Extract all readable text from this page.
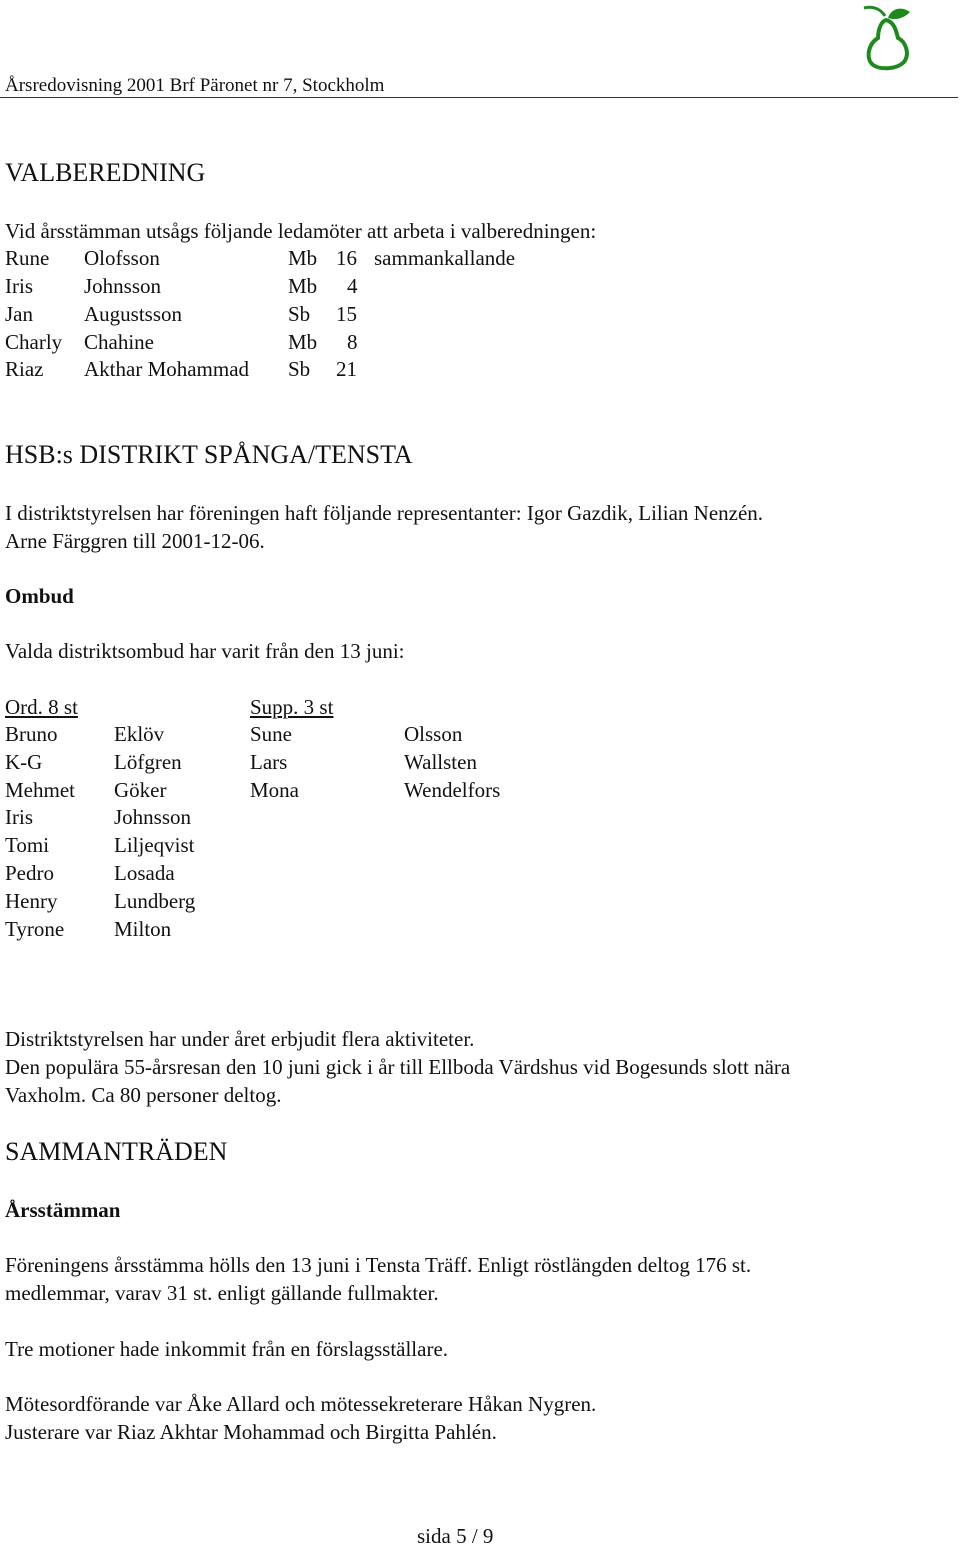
Årsredovisning 2001 Brf Päronet nr 7, Stockholm
VALBEREDNING
Vid årsstämman utsågs följande ledamöter att arbeta i valberedningen:
Rune Olofsson	Mb 16 sammankallande
Iris Johnsson	Mb 4
Jan Augustsson	Sb 15
Charly Chahine	Mb 8
Riaz Akthar Mohammad Sb 21
HSB:s DISTRIKT SPÅNGA/TENSTA
I distriktstyrelsen har föreningen haft följande representanter: Igor Gazdik, Lilian Nenzén.
Arne Färggren till 2001-12-06.
Ombud
Valda distriktsombud har varit från den 13 juni:
Ord. 8 st	Supp. 3 st
Bruno	Eklöv	Sune	Olsson
K-G	Löfgren	Lars	Wallsten
Mehmet Göker	Mona	Wendelfors
Iris	Johnsson
Tomi	Liljeqvist
Pedro	Losada
Henry	Lundberg
Tyrone Milton
Distriktstyrelsen har under året erbjudit flera aktiviteter.
Den populära 55-årsresan den 10 juni gick i år till Ellboda Värdshus vid Bogesunds slott nära
Vaxholm. Ca 80 personer deltog.
SAMMANTRÄDEN
Årsstämman
Föreningens årsstämma hölls den 13 juni i Tensta Träff. Enligt röstlängden deltog 176 st.
medlemmar, varav 31 st. enligt gällande fullmakter.
Tre motioner hade inkommit från en förslagsställare.
Mötesordförande var Åke Allard och mötessekreterare Håkan Nygren.
Justerare var Riaz Akhtar Mohammad och Birgitta Pahlén.
sida 5 / 9
